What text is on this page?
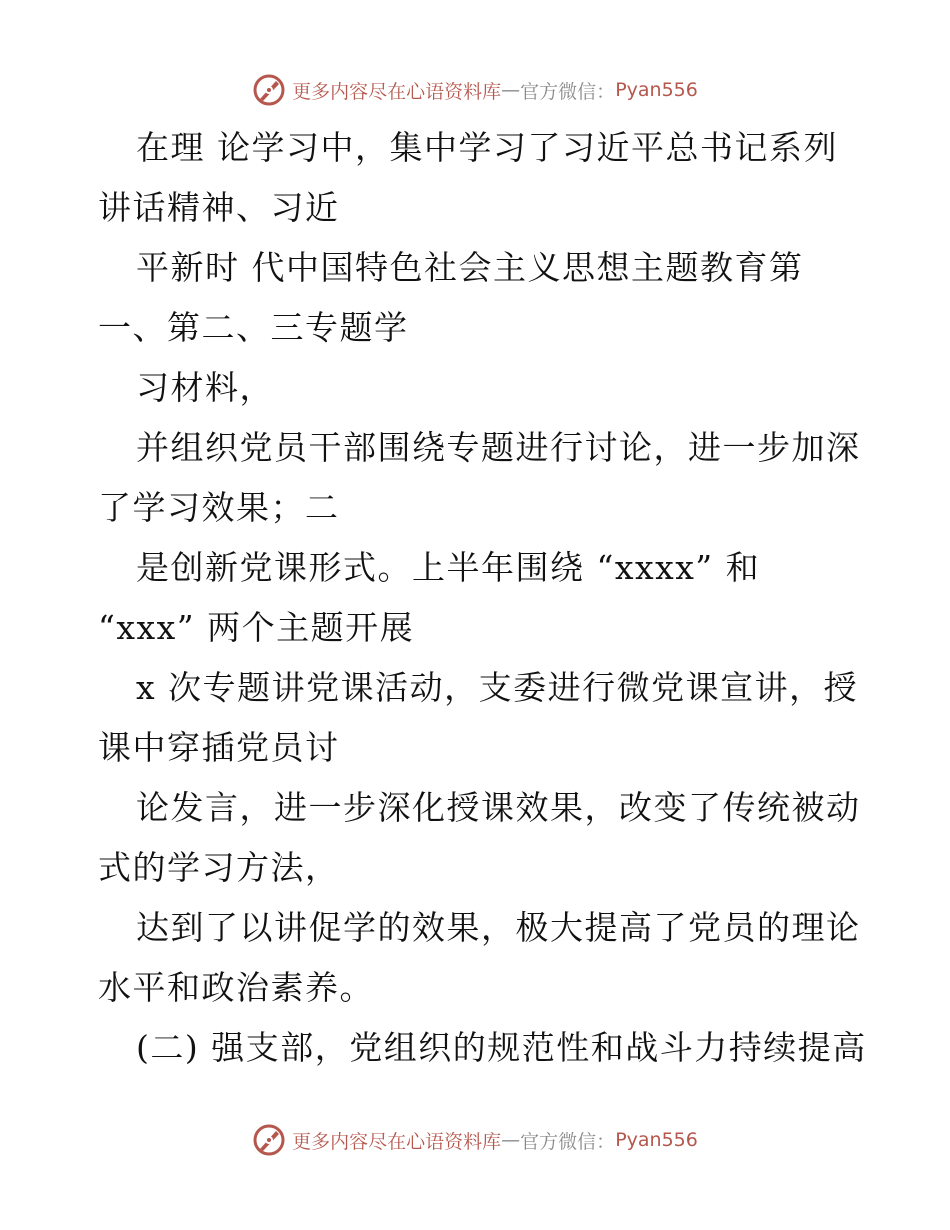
更多内容尽在心语资料库 — 官方微信： Pyan556
在理 论学习中，集中学习了习近平总书记系列
讲话精神、习近
平新时 代中国特色社会主义思想主题教育第
一、第二、三专题学
习材料，
并组织党员干部围绕专题进行讨论，进一步加深
了学习效果；二
是创新党课形式。上半年围绕 “xxxx” 和
“xxx” 两个主题开展
x 次专题讲党课活动，支委进行微党课宣讲，授
课中穿插党员讨
论发言，进一步深化授课效果，改变了传统被动
式的学习方法，
达到了以讲促学的效果，极大提高了党员的理论
水平和政治素养。
(二) 强支部，党组织的规范性和战斗力持续提高
更多内容尽在心语资料库 — 官方微信： Pyan556
